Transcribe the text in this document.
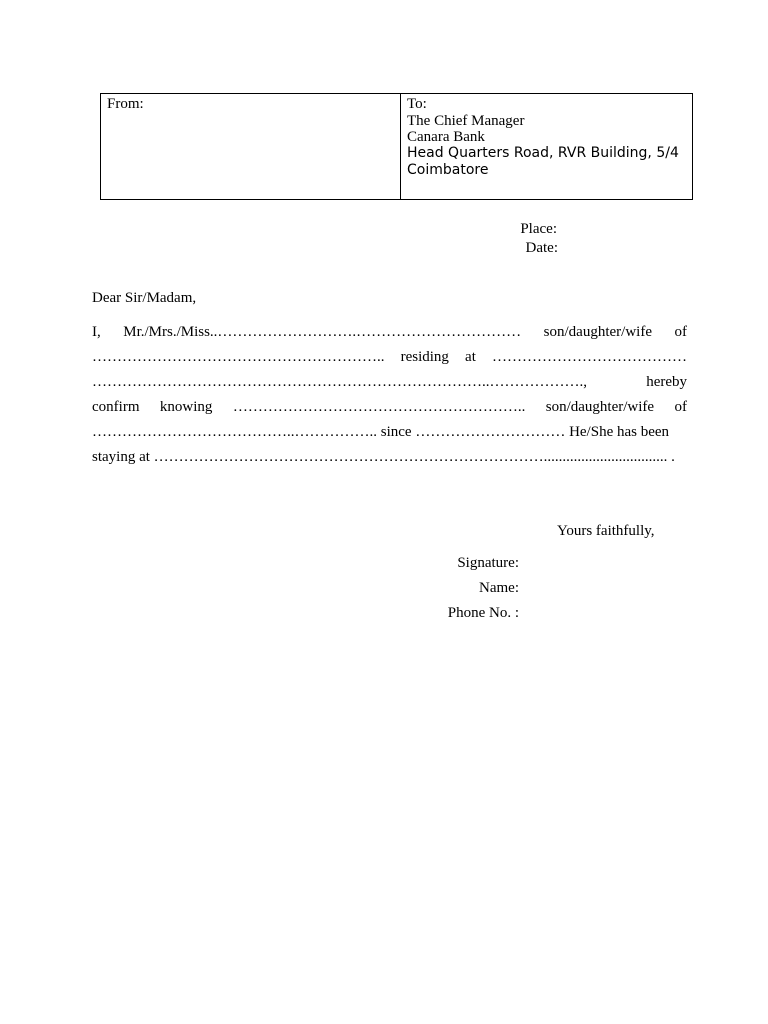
From:	To:
The Chief Manager
Canara Bank
Head Quarters Road, RVR Building, 5/4
Coimbatore
Place:
Date:
Dear Sir/Madam,
I, Mr./Mrs./Miss..……………………….…………………………… son/daughter/wife of
………………………………………………….. residing at …………………………………
……………………………………………………………………..……………….,	hereby
confirm knowing ………………………………………………….. son/daughter/wife of
…………………………………..…………….. since ………………………… He/She has been
staying at ……………………………………………………………………................................. .
Yours faithfully,
Signature:
Name:
Phone No. :
